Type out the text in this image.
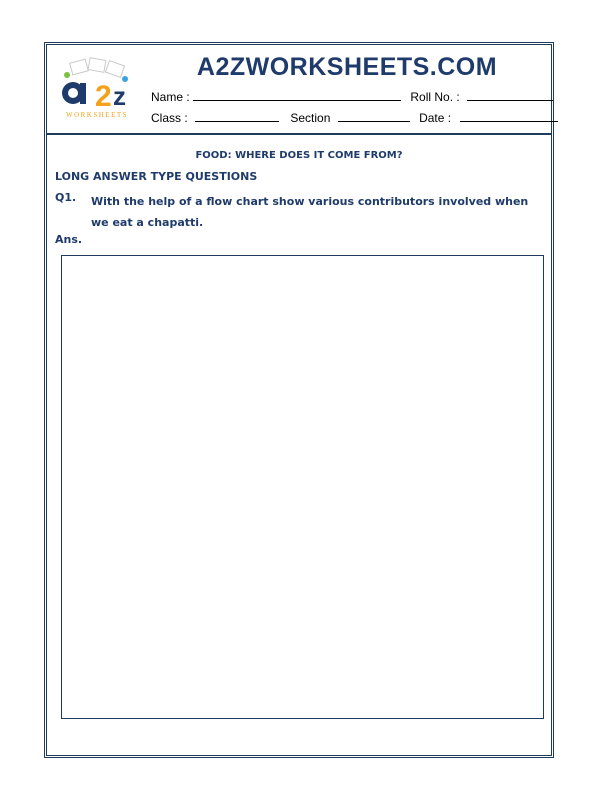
2 z
WORKSHEETS
A2ZWORKSHEETS.COM
Name :	Roll No. :
Class :	Section	Date :
FOOD: WHERE DOES IT COME FROM?
LONG ANSWER TYPE QUESTIONS
Q1. With the help of a flow chart show various contributors involved when we eat a chapatti.
Ans.
